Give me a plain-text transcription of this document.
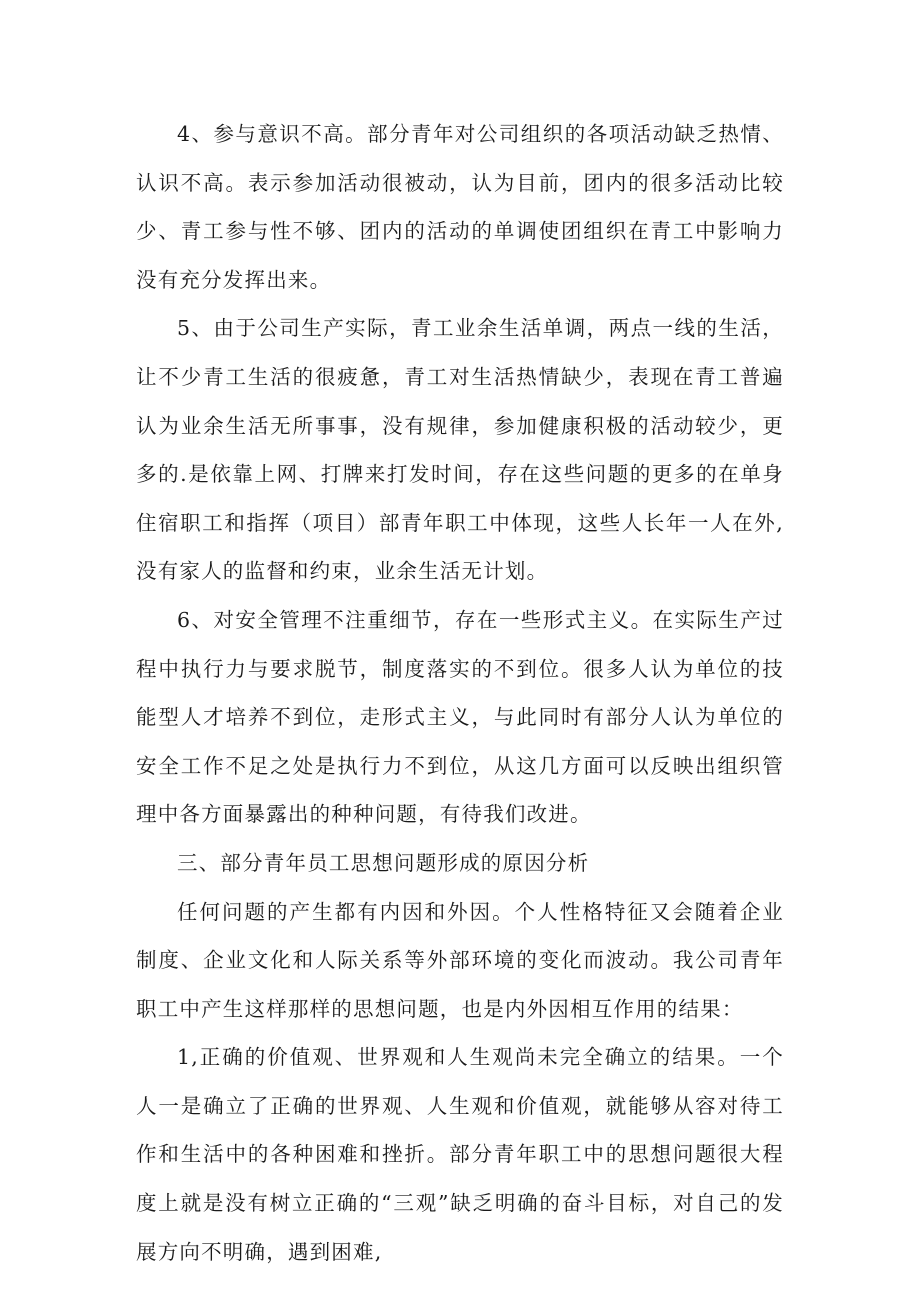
4、参与意识不高。部分青年对公司组织的各项活动缺乏热情、认识不高。表示参加活动很被动，认为目前，团内的很多活动比较少、青工参与性不够、团内的活动的单调使团组织在青工中影响力没有充分发挥出来。

5、由于公司生产实际，青工业余生活单调，两点一线的生活，让不少青工生活的很疲惫，青工对生活热情缺少，表现在青工普遍认为业余生活无所事事，没有规律，参加健康积极的活动较少，更多的.是依靠上网、打牌来打发时间，存在这些问题的更多的在单身住宿职工和指挥（项目）部青年职工中体现，这些人长年一人在外,没有家人的监督和约束，业余生活无计划。

6、对安全管理不注重细节，存在一些形式主义。在实际生产过程中执行力与要求脱节，制度落实的不到位。很多人认为单位的技能型人才培养不到位，走形式主义，与此同时有部分人认为单位的安全工作不足之处是执行力不到位，从这几方面可以反映出组织管理中各方面暴露出的种种问题，有待我们改进。

三、部分青年员工思想问题形成的原因分析

任何问题的产生都有内因和外因。个人性格特征又会随着企业制度、企业文化和人际关系等外部环境的变化而波动。我公司青年职工中产生这样那样的思想问题，也是内外因相互作用的结果：

1,正确的价值观、世界观和人生观尚未完全确立的结果。一个人一是确立了正确的世界观、人生观和价值观，就能够从容对待工作和生活中的各种困难和挫折。部分青年职工中的思想问题很大程度上就是没有树立正确的“三观”缺乏明确的奋斗目标，对自己的发展方向不明确，遇到困难,
